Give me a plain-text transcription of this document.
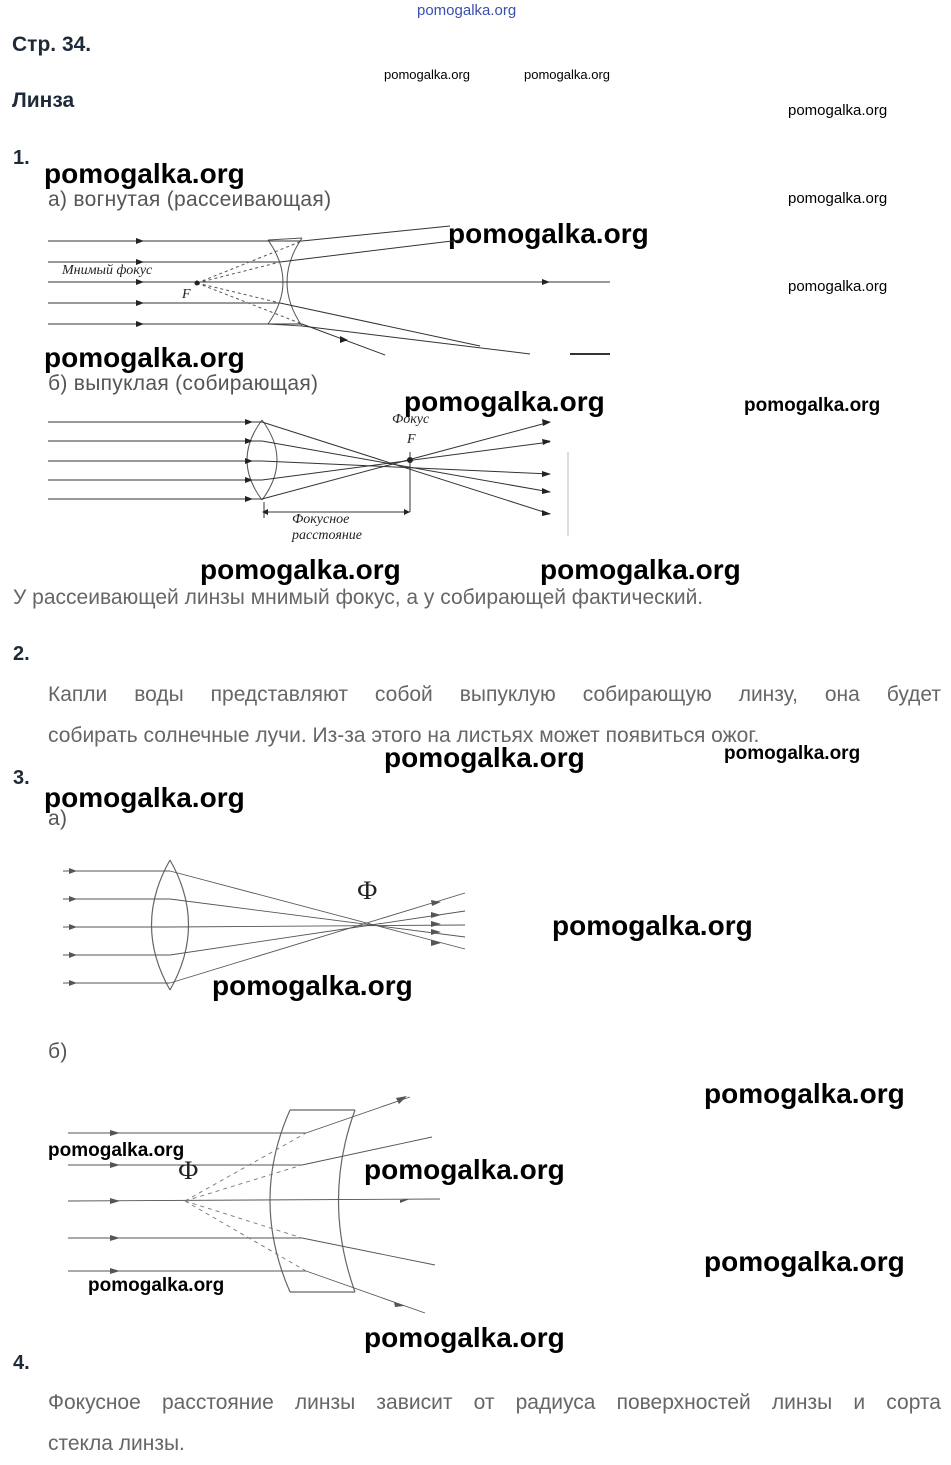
pomogalka.org
Стр. 34.
Линза
pomogalka.org	pomogalka.org
pomogalka.org
1. pomogalka.org
а) вогнутая (рассеивающая)	pomogalka.org
pomogalka.org
pomogalka.org
Мнимый фокус
F
pomogalka.org
б) выпуклая (собирающая)
pomogalka.org	pomogalka.org
Фокус
F
Фокусное
расстояние
pomogalka.org	pomogalka.org
У рассеивающей линзы мнимый фокус, а у собирающей фактический.
2.
Капли воды представляют собой выпуклую собирающую линзу, она будет
собирать солнечные лучи. Из-за этого на листьях может появиться ожог.
pomogalka.org	pomogalka.org
3.
pomogalka.org
а)
Ф
pomogalka.org
pomogalka.org
б)
pomogalka.org
Ф
pomogalka.org
pomogalka.org
pomogalka.org
pomogalka.org
pomogalka.org
4.
Фокусное расстояние линзы зависит от радиуса поверхностей линзы и сорта
стекла линзы.
